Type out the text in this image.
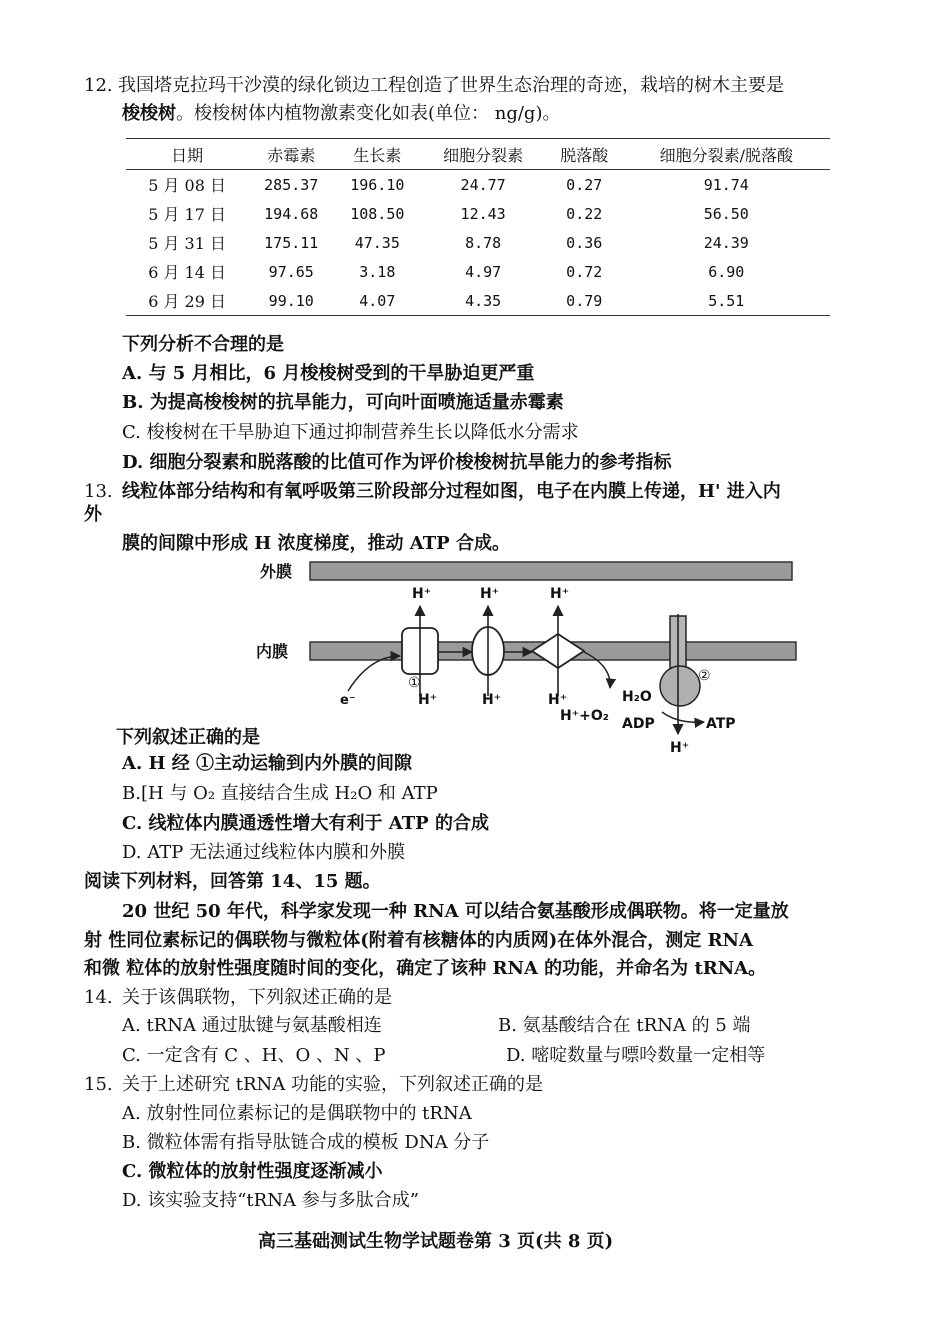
12. 我国塔克拉玛干沙漠的绿化锁边工程创造了世界生态治理的奇迹，栽培的树木主要是
梭梭树。梭梭树体内植物激素变化如表(单位： ng/g)。
日期	赤霉素	生长素	细胞分裂素	脱落酸	细胞分裂素/脱落酸
5 月 08 日	285.37	196.10	24.77	0.27	91.74
5 月 17 日	194.68	108.50	12.43	0.22	56.50
5 月 31 日	175.11	47.35	8.78	0.36	24.39
6 月 14 日	97.65	3.18	4.97	0.72	6.90
6 月 29 日	99.10	4.07	4.35	0.79	5.51
下列分析不合理的是
A. 与 5 月相比，6 月梭梭树受到的干旱胁迫更严重
B. 为提高梭梭树的抗旱能力，可向叶面喷施适量赤霉素
C. 梭梭树在干旱胁迫下通过抑制营养生长以降低水分需求
D. 细胞分裂素和脱落酸的比值可作为评价梭梭树抗旱能力的参考指标
13. 线粒体部分结构和有氧呼吸第三阶段部分过程如图，电子在内膜上传递，H' 进入内
外
膜的间隙中形成 H 浓度梯度，推动 ATP 合成。
外膜
内膜
①	②
e⁻
H⁺	H⁺	H⁺
H⁺	H⁺	H⁺
H⁺
H₂O
H⁺+O₂ ADP	ATP
下列叙述正确的是
A. H 经 ①主动运输到内外膜的间隙
B.[H 与 O₂ 直接结合生成 H₂O 和 ATP
C. 线粒体内膜通透性增大有利于 ATP 的合成
D. ATP 无法通过线粒体内膜和外膜
阅读下列材料，回答第 14、15 题。
20 世纪 50 年代，科学家发现一种 RNA 可以结合氨基酸形成偶联物。将一定量放
射 性同位素标记的偶联物与微粒体(附着有核糖体的内质网)在体外混合，测定 RNA
和微 粒体的放射性强度随时间的变化，确定了该种 RNA 的功能，并命名为 tRNA。
14. 关于该偶联物，下列叙述正确的是
A. tRNA 通过肽键与氨基酸相连	B. 氨基酸结合在 tRNA 的 5 端
C. 一定含有 C 、H、O 、N 、P	D. 嘧啶数量与嘌呤数量一定相等
15. 关于上述研究 tRNA 功能的实验，下列叙述正确的是
A. 放射性同位素标记的是偶联物中的 tRNA
B. 微粒体需有指导肽链合成的模板 DNA 分子
C. 微粒体的放射性强度逐渐减小
D. 该实验支持“tRNA 参与多肽合成”
高三基础测试生物学试题卷第 3 页(共 8 页)
